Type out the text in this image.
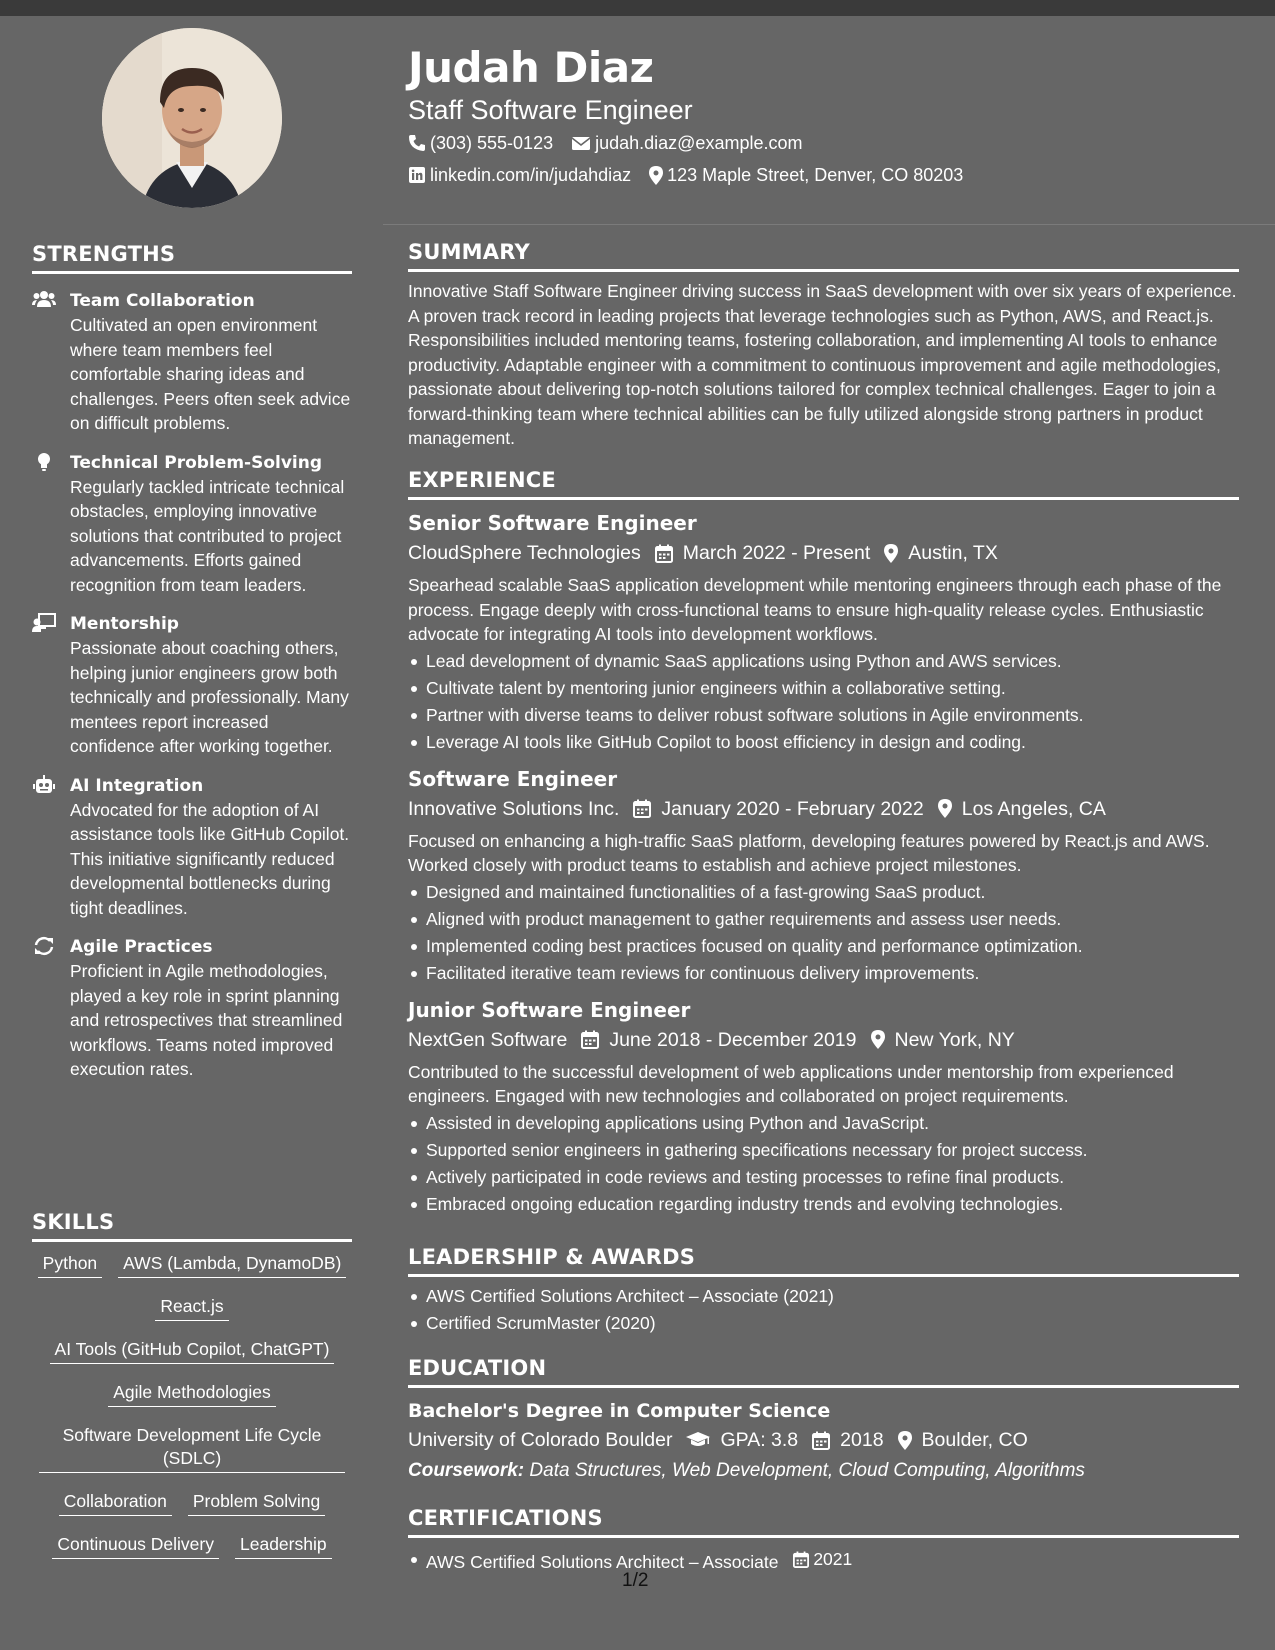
STRENGTHS
Team Collaboration
Cultivated an open environment where team members feel comfortable sharing ideas and challenges. Peers often seek advice on difficult problems.
Technical Problem-Solving
Regularly tackled intricate technical obstacles, employing innovative solutions that contributed to project advancements. Efforts gained recognition from team leaders.
Mentorship
Passionate about coaching others, helping junior engineers grow both technically and professionally. Many mentees report increased confidence after working together.
AI Integration
Advocated for the adoption of AI assistance tools like GitHub Copilot. This initiative significantly reduced developmental bottlenecks during tight deadlines.
Agile Practices
Proficient in Agile methodologies, played a key role in sprint planning and retrospectives that streamlined workflows. Teams noted improved execution rates.
SKILLS
Python AWS (Lambda, DynamoDB)
React.js
AI Tools (GitHub Copilot, ChatGPT)
Agile Methodologies
Software Development Life Cycle (SDLC)
Collaboration Problem Solving
Continuous Delivery Leadership
Judah Diaz
Staff Software Engineer
(303) 555-0123 judah.diaz@example.com
linkedin.com/in/judahdiaz 123 Maple Street, Denver, CO 80203
SUMMARY

Innovative Staff Software Engineer driving success in SaaS development with over six years of experience. A proven track record in leading projects that leverage technologies such as Python, AWS, and React.js. Responsibilities included mentoring teams, fostering collaboration, and implementing AI tools to enhance productivity. Adaptable engineer with a commitment to continuous improvement and agile methodologies, passionate about delivering top-notch solutions tailored for complex technical challenges. Eager to join a forward-thinking team where technical abilities can be fully utilized alongside strong partners in product management.

EXPERIENCE
Senior Software Engineer
CloudSphere Technologies March 2022 - Present Austin, TX
Spearhead scalable SaaS application development while mentoring engineers through each phase of the process. Engage deeply with cross-functional teams to ensure high-quality release cycles. Enthusiastic advocate for integrating AI tools into development workflows.
Lead development of dynamic SaaS applications using Python and AWS services.
Cultivate talent by mentoring junior engineers within a collaborative setting.
Partner with diverse teams to deliver robust software solutions in Agile environments.
Leverage AI tools like GitHub Copilot to boost efficiency in design and coding.
Software Engineer
Innovative Solutions Inc. January 2020 - February 2022 Los Angeles, CA
Focused on enhancing a high-traffic SaaS platform, developing features powered by React.js and AWS. Worked closely with product teams to establish and achieve project milestones.
Designed and maintained functionalities of a fast-growing SaaS product.
Aligned with product management to gather requirements and assess user needs.
Implemented coding best practices focused on quality and performance optimization.
Facilitated iterative team reviews for continuous delivery improvements.
Junior Software Engineer
NextGen Software June 2018 - December 2019 New York, NY
Contributed to the successful development of web applications under mentorship from experienced engineers. Engaged with new technologies and collaborated on project requirements.
Assisted in developing applications using Python and JavaScript.
Supported senior engineers in gathering specifications necessary for project success.
Actively participated in code reviews and testing processes to refine final products.
Embraced ongoing education regarding industry trends and evolving technologies.
LEADERSHIP & AWARDS
AWS Certified Solutions Architect – Associate (2021)
Certified ScrumMaster (2020)
EDUCATION
Bachelor's Degree in Computer Science
University of Colorado Boulder GPA: 3.8 2018 Boulder, CO
Coursework: Data Structures, Web Development, Cloud Computing, Algorithms
CERTIFICATIONS
AWS Certified Solutions Architect – Associate 2021
1/2
